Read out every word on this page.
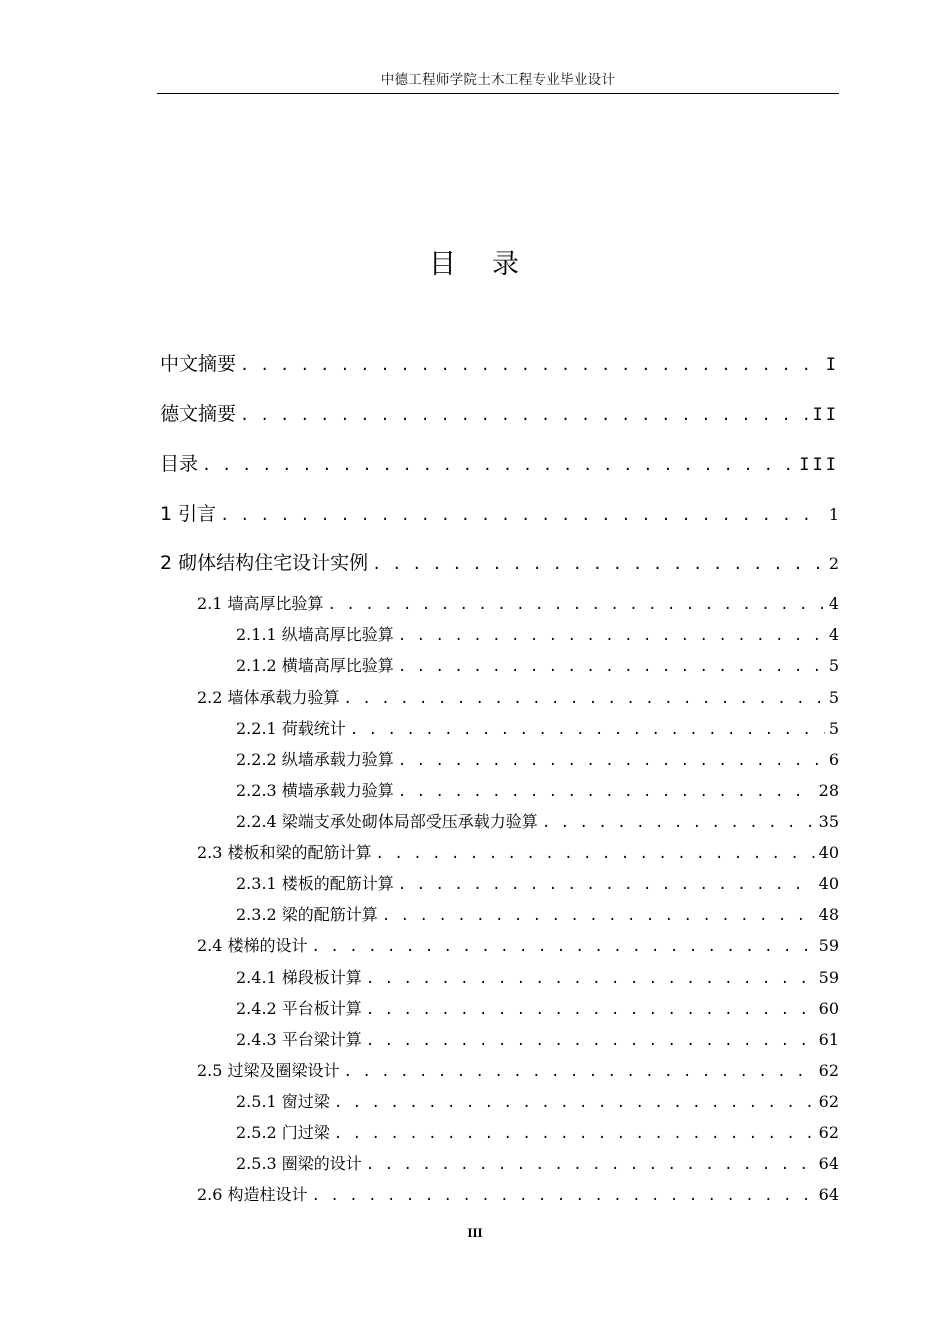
中德工程师学院土木工程专业毕业设计
目 录
中文摘要 . . .	I
德文摘要 . . .	II
目录 . . .	III
1 引言 . . .	1
2 砌体结构住宅设计实例 . . .	2
2.1 墙高厚比验算 . . .	4
2.1.1 纵墙高厚比验算 . . .	4
2.1.2 横墙高厚比验算 . . .	5
2.2 墙体承载力验算 . . .	5
2.2.1 荷载统计 . . .	5
2.2.2 纵墙承载力验算 . . .	6
2.2.3 横墙承载力验算 . . .	28
2.2.4 梁端支承处砌体局部受压承载力验算 . . .	35
2.3 楼板和梁的配筋计算 . . .	40
2.3.1 楼板的配筋计算 . . .	40
2.3.2 梁的配筋计算 . . .	48
2.4 楼梯的设计 . . .	59
2.4.1 梯段板计算 . . .	59
2.4.2 平台板计算 . . .	60
2.4.3 平台梁计算 . . .	61
2.5 过梁及圈梁设计 . . .	62
2.5.1 窗过梁 . . .	62
2.5.2 门过梁 . . .	62
2.5.3 圈梁的设计 . . .	64
2.6 构造柱设计 . . .	64
III
